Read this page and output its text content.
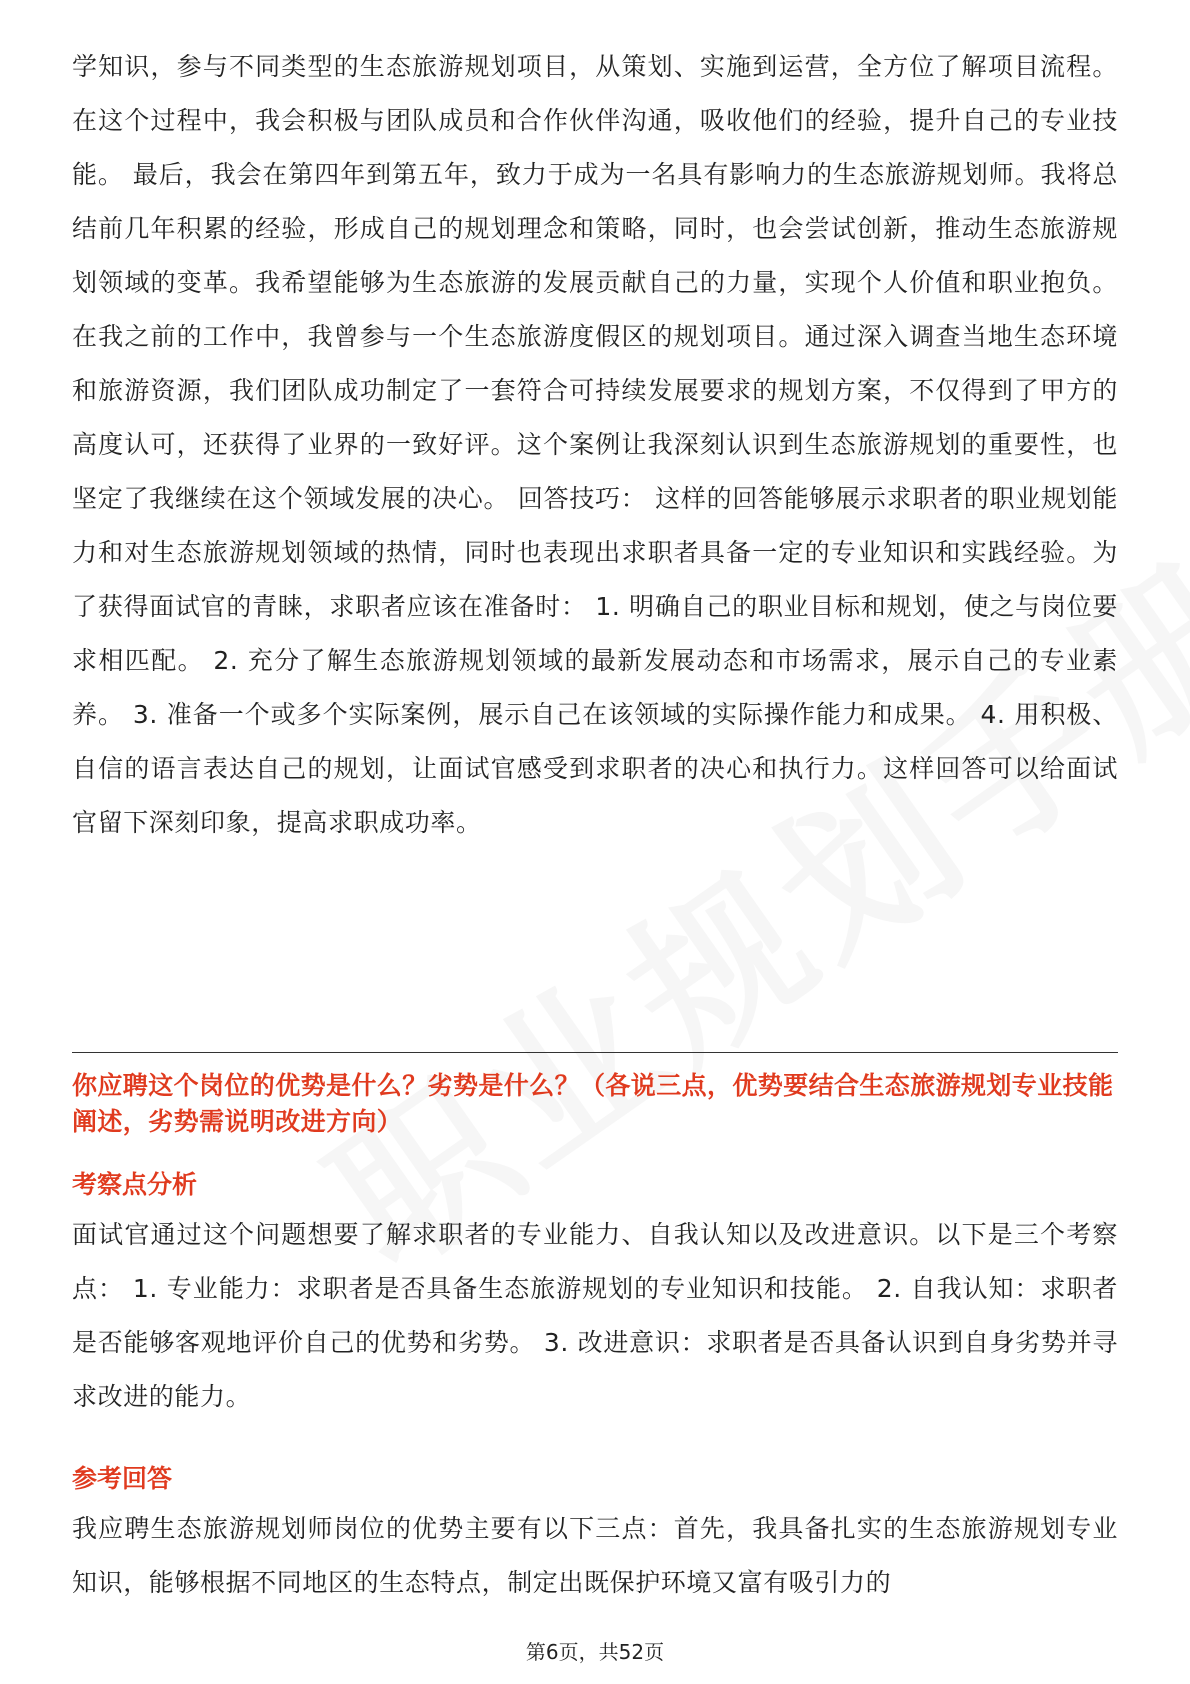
学知识，参与不同类型的生态旅游规划项目，从策划、实施到运营，全方位了解项目流程。在这个过程中，我会积极与团队成员和合作伙伴沟通，吸收他们的经验，提升自己的专业技能。 最后，我会在第四年到第五年，致力于成为一名具有影响力的生态旅游规划师。我将总结前几年积累的经验，形成自己的规划理念和策略，同时，也会尝试创新，推动生态旅游规划领域的变革。我希望能够为生态旅游的发展贡献自己的力量，实现个人价值和职业抱负。 在我之前的工作中，我曾参与一个生态旅游度假区的规划项目。通过深入调查当地生态环境和旅游资源，我们团队成功制定了一套符合可持续发展要求的规划方案，不仅得到了甲方的高度认可，还获得了业界的一致好评。这个案例让我深刻认识到生态旅游规划的重要性，也坚定了我继续在这个领域发展的决心。 回答技巧： 这样的回答能够展示求职者的职业规划能力和对生态旅游规划领域的热情，同时也表现出求职者具备一定的专业知识和实践经验。为了获得面试官的青睐，求职者应该在准备时： 1. 明确自己的职业目标和规划，使之与岗位要求相匹配。 2. 充分了解生态旅游规划领域的最新发展动态和市场需求，展示自己的专业素养。 3. 准备一个或多个实际案例，展示自己在该领域的实际操作能力和成果。 4. 用积极、自信的语言表达自己的规划，让面试官感受到求职者的决心和执行力。这样回答可以给面试官留下深刻印象，提高求职成功率。

你应聘这个岗位的优势是什么？劣势是什么？（各说三点，优势要结合生态旅游规划专业技能阐述，劣势需说明改进方向）

考察点分析

面试官通过这个问题想要了解求职者的专业能力、自我认知以及改进意识。以下是三个考察点： 1. 专业能力：求职者是否具备生态旅游规划的专业知识和技能。 2. 自我认知：求职者是否能够客观地评价自己的优势和劣势。 3. 改进意识：求职者是否具备认识到自身劣势并寻求改进的能力。

参考回答

我应聘生态旅游规划师岗位的优势主要有以下三点：首先，我具备扎实的生态旅游规划专业知识，能够根据不同地区的生态特点，制定出既保护环境又富有吸引力的

第6页，共52页
